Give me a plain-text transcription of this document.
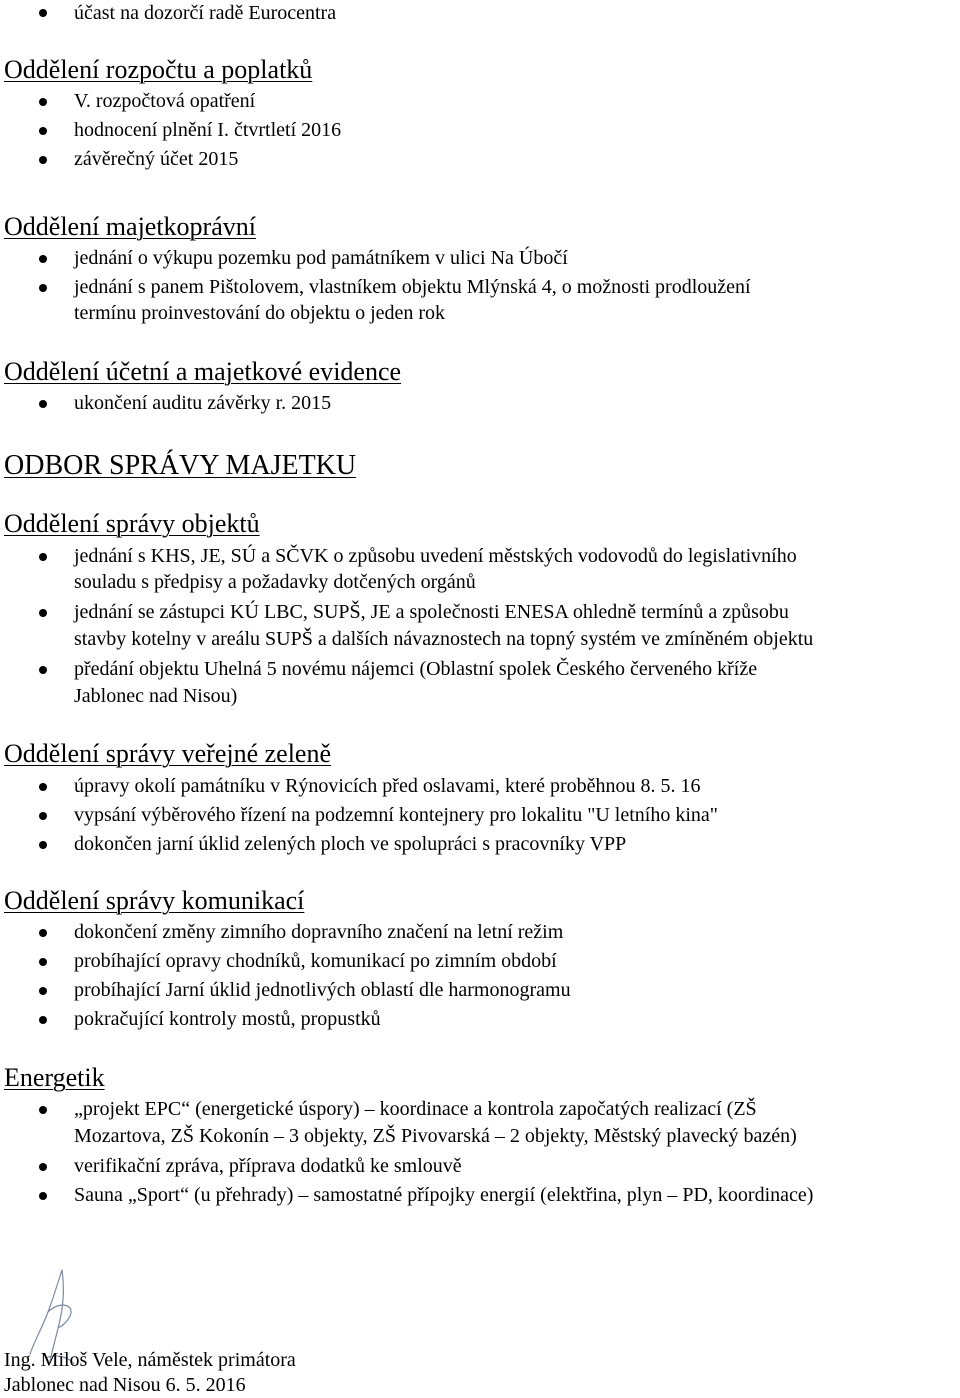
účast na dozorčí radě Eurocentra
Oddělení rozpočtu a poplatků
V. rozpočtová opatření
hodnocení plnění I. čtvrtletí 2016
závěrečný účet 2015
Oddělení majetkoprávní
jednání o výkupu pozemku pod památníkem v ulici Na Úbočí
jednání s panem Pištolovem, vlastníkem objektu Mlýnská 4, o možnosti prodloužení
termínu proinvestování do objektu o jeden rok
Oddělení účetní a majetkové evidence
ukončení auditu závěrky r. 2015
ODBOR SPRÁVY MAJETKU
Oddělení správy objektů
jednání s KHS, JE, SÚ a SČVK o způsobu uvedení městských vodovodů do legislativního
souladu s předpisy a požadavky dotčených orgánů
jednání se zástupci KÚ LBC, SUPŠ, JE a společnosti ENESA ohledně termínů a způsobu
stavby kotelny v areálu SUPŠ a dalších návaznostech na topný systém ve zmíněném objektu
předání objektu Uhelná 5 novému nájemci (Oblastní spolek Českého červeného kříže
Jablonec nad Nisou)
Oddělení správy veřejné zeleně
úpravy okolí památníku v Rýnovicích před oslavami, které proběhnou 8. 5. 16
vypsání výběrového řízení na podzemní kontejnery pro lokalitu "U letního kina"
dokončen jarní úklid zelených ploch ve spolupráci s pracovníky VPP
Oddělení správy komunikací
dokončení změny zimního dopravního značení na letní režim
probíhající opravy chodníků, komunikací po zimním období
probíhající Jarní úklid jednotlivých oblastí dle harmonogramu
pokračující kontroly mostů, propustků
Energetik
„projekt EPC“ (energetické úspory) – koordinace a kontrola započatých realizací (ZŠ
Mozartova, ZŠ Kokonín – 3 objekty, ZŠ Pivovarská – 2 objekty, Městský plavecký bazén)
verifikační zpráva, příprava dodatků ke smlouvě
Sauna „Sport“ (u přehrady) – samostatné přípojky energií (elektřina, plyn – PD, koordinace)
Ing. Miloš Vele, náměstek primátora
Jablonec nad Nisou 6. 5. 2016
